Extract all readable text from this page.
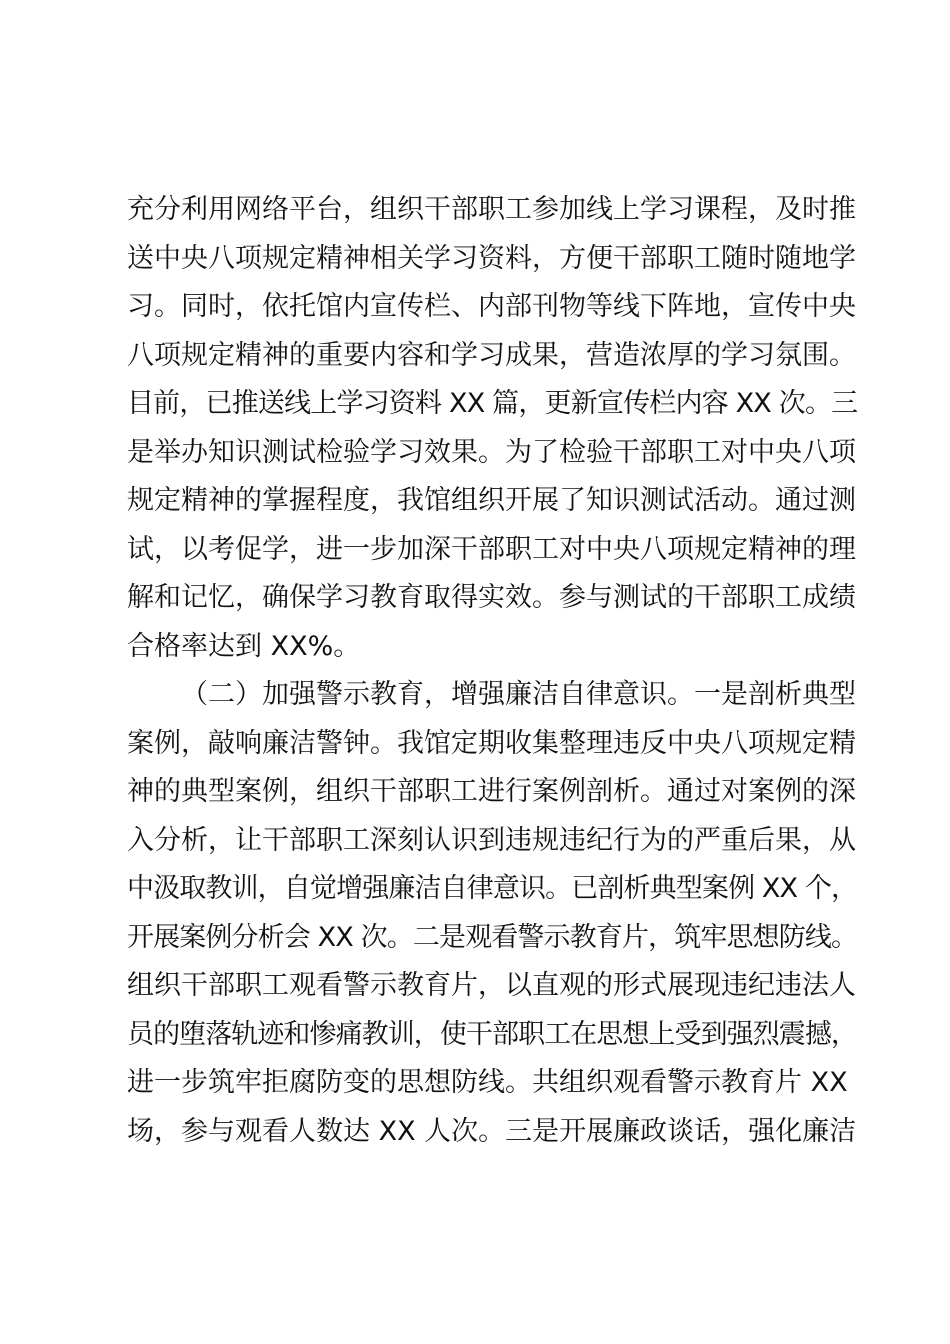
充分利用网络平台，组织干部职工参加线上学习课程，及时推
送中央八项规定精神相关学习资料，方便干部职工随时随地学
习。同时，依托馆内宣传栏、内部刊物等线下阵地，宣传中央
八项规定精神的重要内容和学习成果，营造浓厚的学习氛围。
目前，已推送线上学习资料 XX 篇，更新宣传栏内容 XX 次。三
是举办知识测试检验学习效果。为了检验干部职工对中央八项
规定精神的掌握程度，我馆组织开展了知识测试活动。通过测
试，以考促学，进一步加深干部职工对中央八项规定精神的理
解和记忆，确保学习教育取得实效。参与测试的干部职工成绩
合格率达到 XX%。
（二）加强警示教育，增强廉洁自律意识。一是剖析典型
案例，敲响廉洁警钟。我馆定期收集整理违反中央八项规定精
神的典型案例，组织干部职工进行案例剖析。通过对案例的深
入分析，让干部职工深刻认识到违规违纪行为的严重后果，从
中汲取教训，自觉增强廉洁自律意识。已剖析典型案例 XX 个，
开展案例分析会 XX 次。二是观看警示教育片，筑牢思想防线。
组织干部职工观看警示教育片，以直观的形式展现违纪违法人
员的堕落轨迹和惨痛教训，使干部职工在思想上受到强烈震撼，
进一步筑牢拒腐防变的思想防线。共组织观看警示教育片 XX
场，参与观看人数达 XX 人次。三是开展廉政谈话，强化廉洁
